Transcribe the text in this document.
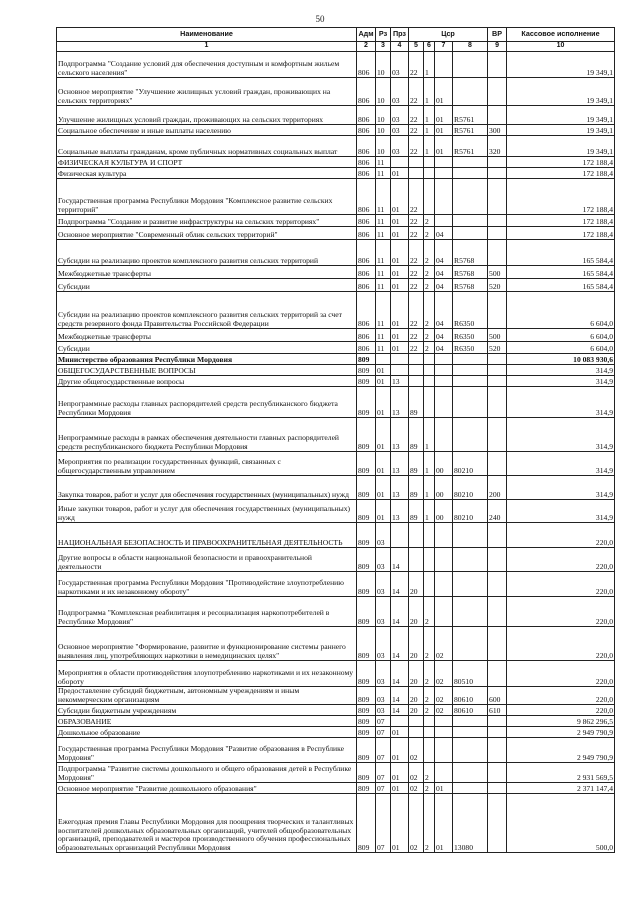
50
Наименование	Адм	Рз	Прз	Цср				ВР	Кассовое исполнение
1	2	3	4	5	6	7	8	9	10
Подпрограмма "Создание условий для обеспечения доступным и комфортным жильем сельского населения"	806	10	03	22	1				19 349,1
Основное мероприятие "Улучшение жилищных условий граждан, проживающих на сельских территориях"	806	10	03	22	1	01			19 349,1
Улучшение жилищных условий граждан, проживающих на сельских территориях	806	10	03	22	1	01	R5761		19 349,1
Социальное обеспечение и иные выплаты населению	806	10	03	22	1	01	R5761	300	19 349,1
Социальные выплаты гражданам, кроме публичных нормативных социальных выплат	806	10	03	22	1	01	R5761	320	19 349,1
ФИЗИЧЕСКАЯ КУЛЬТУРА И СПОРТ	806	11							172 188,4
Физическая культура	806	11	01						172 188,4
Государственная программа Республики Мордовия "Комплексное развитие сельских территорий"	806	11	01	22					172 188,4
Подпрограмма "Создание и развитие инфраструктуры на сельских территориях"	806	11	01	22	2				172 188,4
Основное мероприятие "Современный облик сельских территорий"	806	11	01	22	2	04			172 188,4
Субсидии на реализацию проектов комплексного развития сельских территорий	806	11	01	22	2	04	R5768		165 584,4
Межбюджетные трансферты	806	11	01	22	2	04	R5768	500	165 584,4
Субсидии	806	11	01	22	2	04	R5768	520	165 584,4
Субсидии на реализацию проектов комплексного развития сельских территорий за счет средств резервного фонда Правительства Российской Федерации	806	11	01	22	2	04	R6350		6 604,0
Межбюджетные трансферты	806	11	01	22	2	04	R6350	500	6 604,0
Субсидии	806	11	01	22	2	04	R6350	520	6 604,0
Министерство образования Республики Мордовия	809								10 083 930,6
ОБЩЕГОСУДАРСТВЕННЫЕ ВОПРОСЫ	809	01							314,9
Другие общегосударственные вопросы	809	01	13						314,9
Непрограммные расходы главных распорядителей средств республиканского бюджета Республики Мордовия	809	01	13	89					314,9
Непрограммные расходы в рамках обеспечения деятельности главных распорядителей средств республиканского бюджета Республики Мордовия	809	01	13	89	1				314,9
Мероприятия по реализации государственных функций, связанных с общегосударственным управлением	809	01	13	89	1	00	80210		314,9
Закупка товаров, работ и услуг для обеспечения государственных (муниципальных) нужд	809	01	13	89	1	00	80210	200	314,9
Иные закупки товаров, работ и услуг для обеспечения государственных (муниципальных) нужд	809	01	13	89	1	00	80210	240	314,9
НАЦИОНАЛЬНАЯ БЕЗОПАСНОСТЬ И ПРАВООХРАНИТЕЛЬНАЯ ДЕЯТЕЛЬНОСТЬ	809	03							220,0
Другие вопросы в области национальной безопасности и правоохранительной деятельности	809	03	14						220,0
Государственная программа Республики Мордовия "Противодействие злоупотреблению наркотиками и их незаконному обороту"	809	03	14	20					220,0
Подпрограмма "Комплексная реабилитация и ресоциализация наркопотребителей в Республике Мордовия"	809	03	14	20	2				220,0
Основное мероприятие "Формирование, развитие и функционирование системы раннего выявления лиц, употребляющих наркотики в немедицинских целях"	809	03	14	20	2	02			220,0
Мероприятия в области противодействия злоупотреблению наркотиками и их незаконному обороту	809	03	14	20	2	02	80510		220,0
Предоставление субсидий бюджетным, автономным учреждениям и иным некоммерческим организациям	809	03	14	20	2	02	80610	600	220,0
Субсидии бюджетным учреждениям	809	03	14	20	2	02	80610	610	220,0
ОБРАЗОВАНИЕ	809	07							9 862 296,5
Дошкольное образование	809	07	01						2 949 790,9
Государственная программа Республики Мордовия "Развитие образования в Республике Мордовия"	809	07	01	02					2 949 790,9
Подпрограмма "Развитие системы дошкольного и общего образования детей в Республике Мордовия"	809	07	01	02	2				2 931 569,5
Основное мероприятие "Развитие дошкольного образования"	809	07	01	02	2	01			2 371 147,4
Ежегодная премия Главы Республики Мордовия для поощрения творческих и талантливых воспитателей дошкольных образовательных организаций, учителей общеобразовательных организаций, преподавателей и мастеров производственного обучения профессиональных образовательных организаций Республики Мордовия	809	07	01	02	2	01	13080		500,0
